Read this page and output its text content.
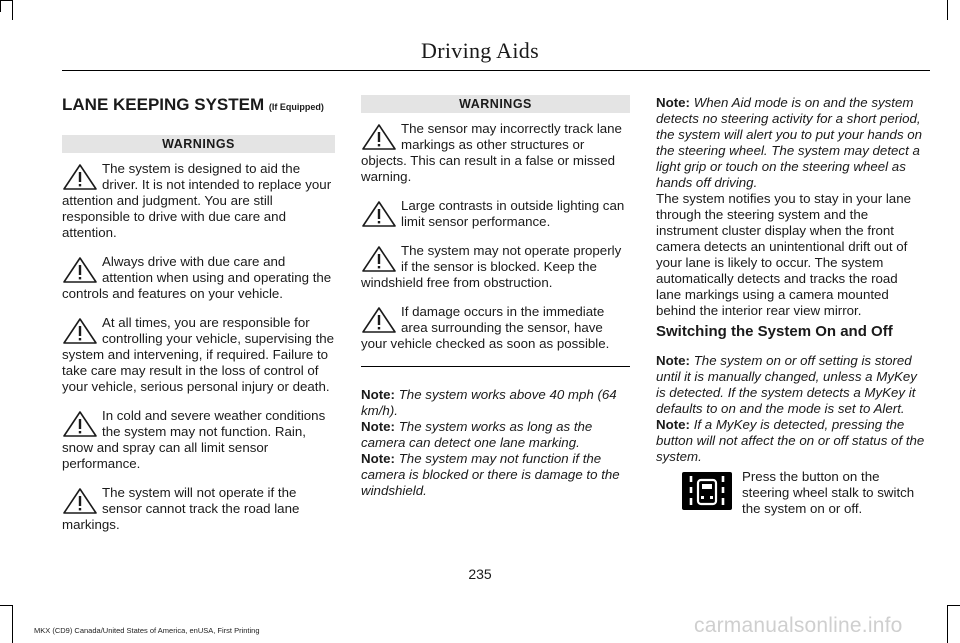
Driving Aids
LANE KEEPING SYSTEM (If Equipped)
WARNINGS
The system is designed to aid the driver. It is not intended to replace your attention and judgment. You are still responsible to drive with due care and attention.
Always drive with due care and attention when using and operating the controls and features on your vehicle.
At all times, you are responsible for controlling your vehicle, supervising the system and intervening, if required. Failure to take care may result in the loss of control of your vehicle, serious personal injury or death.
In cold and severe weather conditions the system may not function. Rain, snow and spray can all limit sensor performance.
The system will not operate if the sensor cannot track the road lane markings.
WARNINGS
The sensor may incorrectly track lane markings as other structures or objects. This can result in a false or missed warning.
Large contrasts in outside lighting can limit sensor performance.
The system may not operate properly if the sensor is blocked. Keep the windshield free from obstruction.
If damage occurs in the immediate area surrounding the sensor, have your vehicle checked as soon as possible.

Note: The system works above 40 mph (64 km/h).

Note: The system works as long as the camera can detect one lane marking.

Note: The system may not function if the camera is blocked or there is damage to the windshield.

Note: When Aid mode is on and the system detects no steering activity for a short period, the system will alert you to put your hands on the steering wheel. The system may detect a light grip or touch on the steering wheel as hands off driving.

The system notifies you to stay in your lane through the steering system and the instrument cluster display when the front camera detects an unintentional drift out of your lane is likely to occur. The system automatically detects and tracks the road lane markings using a camera mounted behind the interior rear view mirror.

Switching the System On and Off

Note: The system on or off setting is stored until it is manually changed, unless a MyKey is detected. If the system detects a MyKey it defaults to on and the mode is set to Alert.

Note: If a MyKey is detected, pressing the button will not affect the on or off status of the system.

Press the button on the steering wheel stalk to switch the system on or off.
235
MKX (CD9) Canada/United States of America, enUSA, First Printing	carmanualsonline.info
